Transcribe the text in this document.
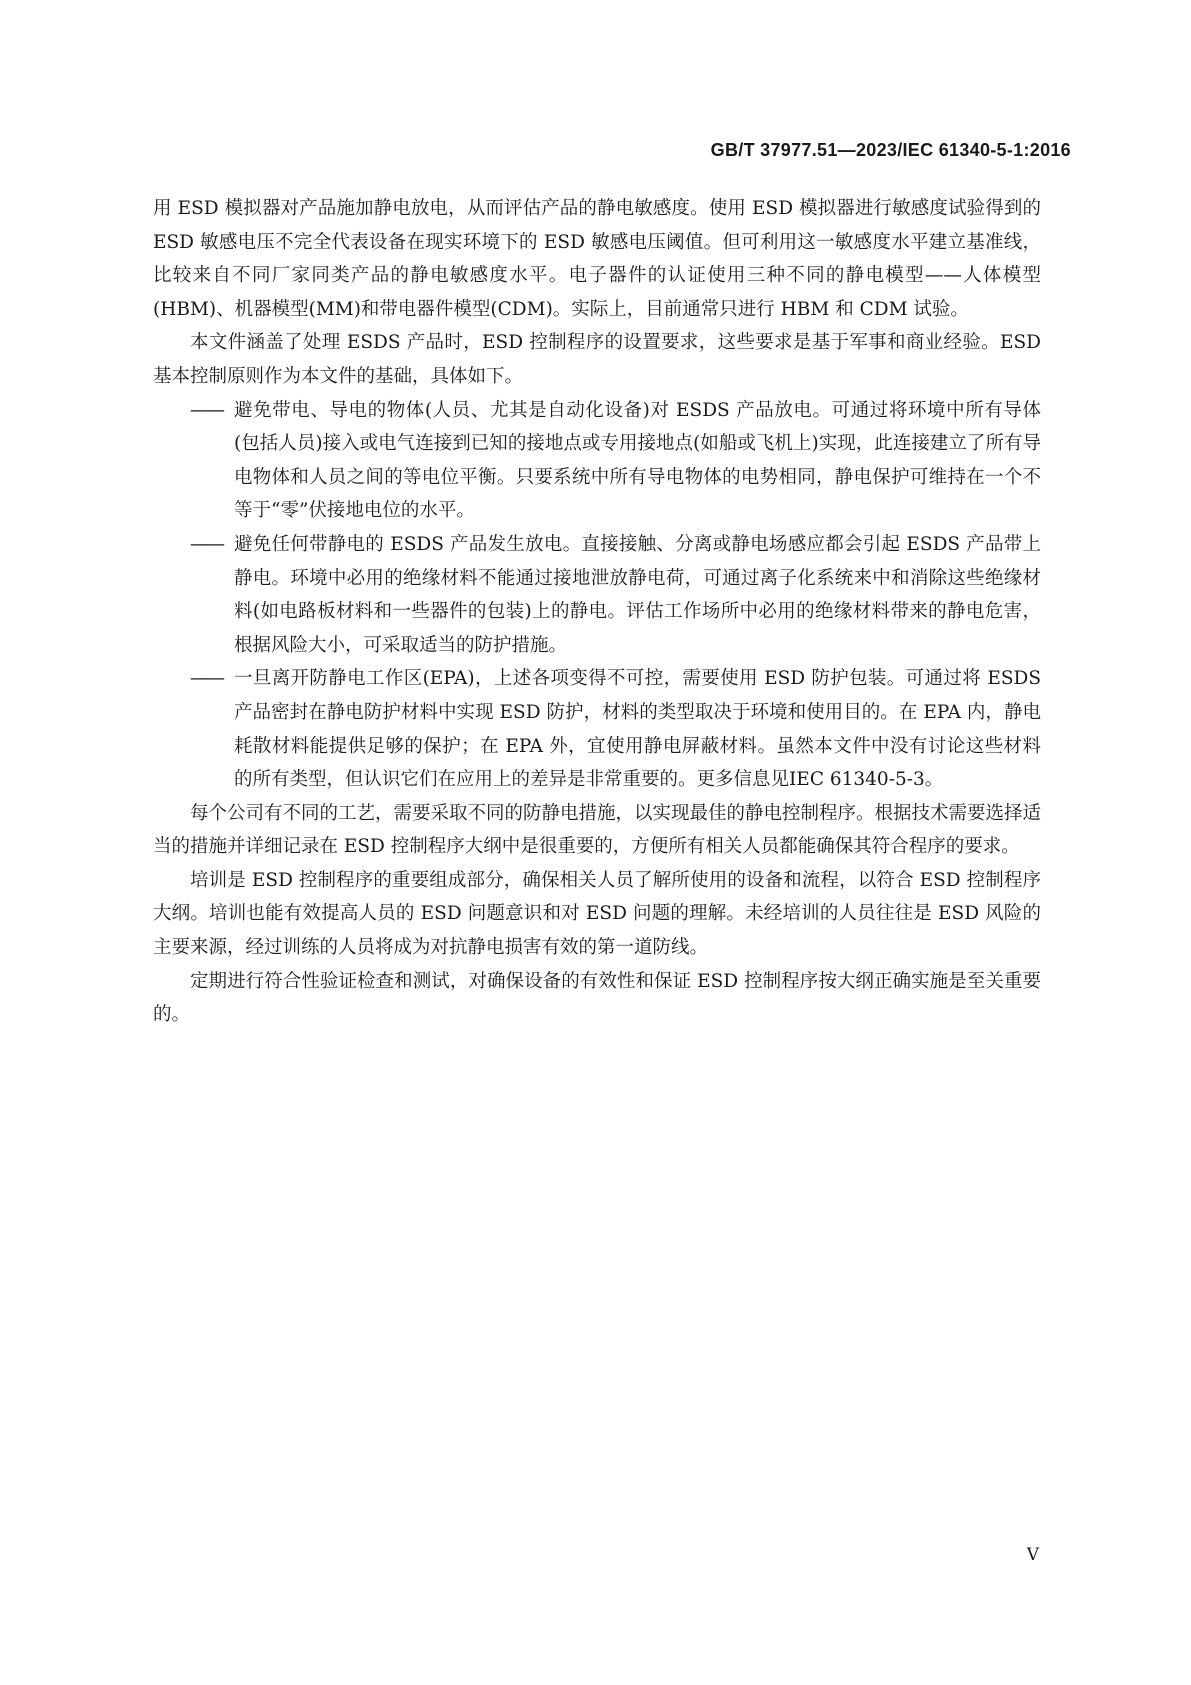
GB/T 37977.51—2023/IEC 61340-5-1:2016

用 ESD 模拟器对产品施加静电放电，从而评估产品的静电敏感度。使用 ESD 模拟器进行敏感度试验得到的 ESD 敏感电压不完全代表设备在现实环境下的 ESD 敏感电压阈值。但可利用这一敏感度水平建立基准线，比较来自不同厂家同类产品的静电敏感度水平。电子器件的认证使用三种不同的静电模型——人体模型(HBM)、机器模型(MM)和带电器件模型(CDM)。实际上，目前通常只进行 HBM 和 CDM 试验。

本文件涵盖了处理 ESDS 产品时，ESD 控制程序的设置要求，这些要求是基于军事和商业经验。ESD 基本控制原则作为本文件的基础，具体如下。

—— 避免带电、导电的物体(人员、尤其是自动化设备)对 ESDS 产品放电。可通过将环境中所有导体(包括人员)接入或电气连接到已知的接地点或专用接地点(如船或飞机上)实现，此连接建立了所有导电物体和人员之间的等电位平衡。只要系统中所有导电物体的电势相同，静电保护可维持在一个不等于“零”伏接地电位的水平。

—— 避免任何带静电的 ESDS 产品发生放电。直接接触、分离或静电场感应都会引起 ESDS 产品带上静电。环境中必用的绝缘材料不能通过接地泄放静电荷，可通过离子化系统来中和消除这些绝缘材料(如电路板材料和一些器件的包装)上的静电。评估工作场所中必用的绝缘材料带来的静电危害，根据风险大小，可采取适当的防护措施。

—— 一旦离开防静电工作区(EPA)，上述各项变得不可控，需要使用 ESD 防护包装。可通过将 ESDS 产品密封在静电防护材料中实现 ESD 防护，材料的类型取决于环境和使用目的。在 EPA 内，静电耗散材料能提供足够的保护；在 EPA 外，宜使用静电屏蔽材料。虽然本文件中没有讨论这些材料的所有类型，但认识它们在应用上的差异是非常重要的。更多信息见IEC 61340-5-3。

每个公司有不同的工艺，需要采取不同的防静电措施，以实现最佳的静电控制程序。根据技术需要选择适当的措施并详细记录在 ESD 控制程序大纲中是很重要的，方便所有相关人员都能确保其符合程序的要求。

培训是 ESD 控制程序的重要组成部分，确保相关人员了解所使用的设备和流程，以符合 ESD 控制程序大纲。培训也能有效提高人员的 ESD 问题意识和对 ESD 问题的理解。未经培训的人员往往是 ESD 风险的主要来源，经过训练的人员将成为对抗静电损害有效的第一道防线。

定期进行符合性验证检查和测试，对确保设备的有效性和保证 ESD 控制程序按大纲正确实施是至关重要的。

V
